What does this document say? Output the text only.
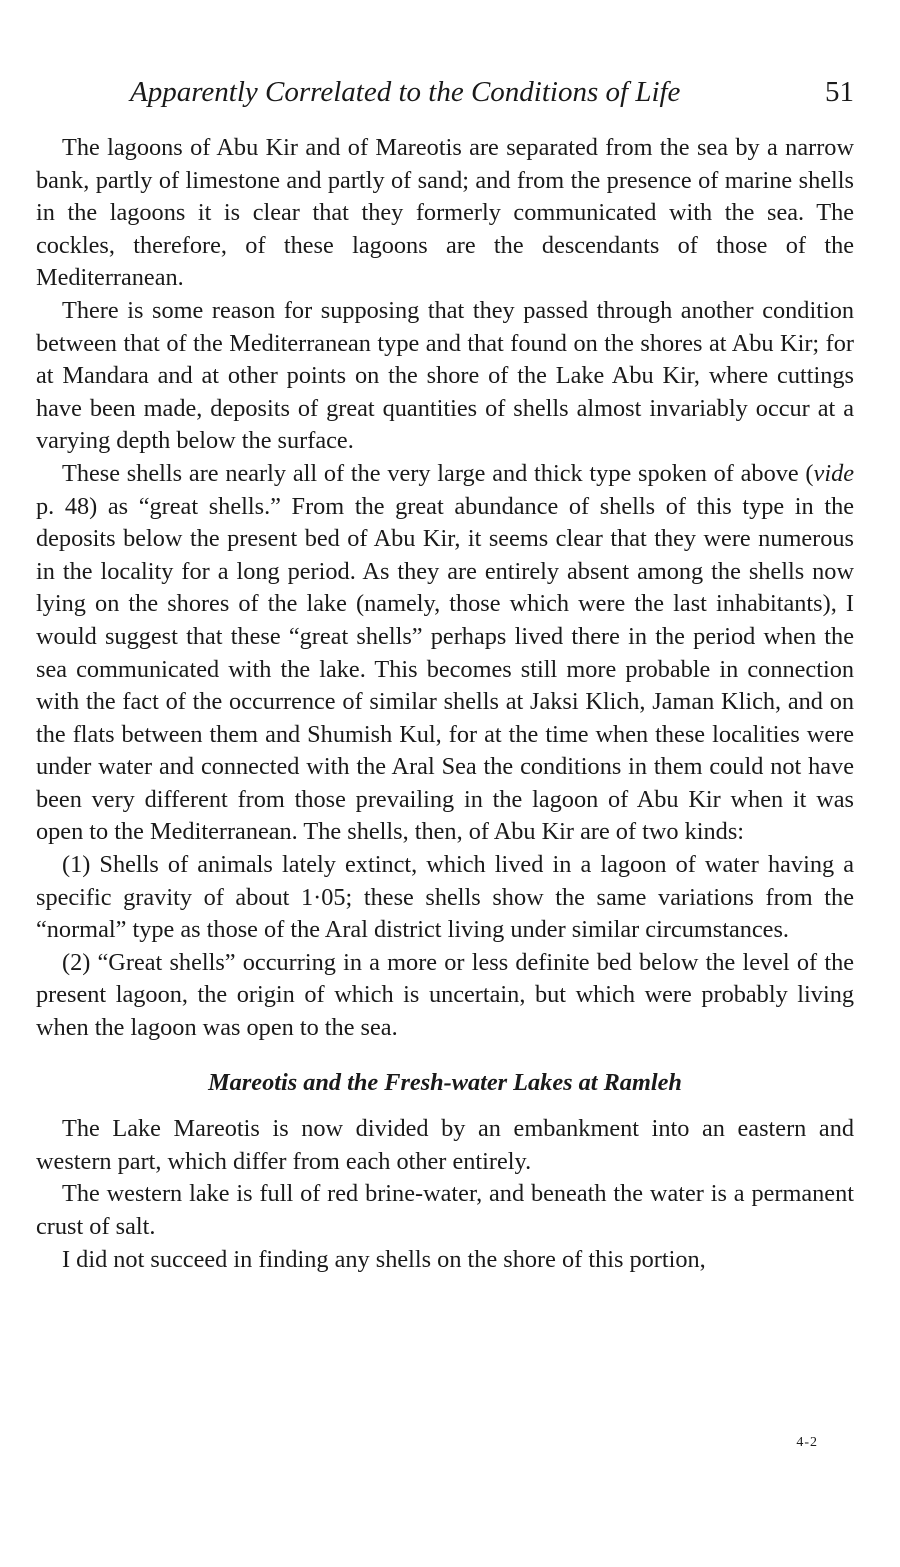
Apparently Correlated to the Conditions of Life	51

The lagoons of Abu Kir and of Mareotis are separated from the sea by a narrow bank, partly of limestone and partly of sand; and from the presence of marine shells in the lagoons it is clear that they formerly communicated with the sea. The cockles, therefore, of these lagoons are the descendants of those of the Mediterranean.

There is some reason for supposing that they passed through another condition between that of the Mediterranean type and that found on the shores at Abu Kir; for at Mandara and at other points on the shore of the Lake Abu Kir, where cuttings have been made, deposits of great quantities of shells almost invariably occur at a varying depth below the surface.

These shells are nearly all of the very large and thick type spoken of above (vide p. 48) as “great shells.” From the great abundance of shells of this type in the deposits below the present bed of Abu Kir, it seems clear that they were numerous in the locality for a long period. As they are entirely absent among the shells now lying on the shores of the lake (namely, those which were the last inhabitants), I would suggest that these “great shells” perhaps lived there in the period when the sea communicated with the lake. This becomes still more probable in connection with the fact of the occurrence of similar shells at Jaksi Klich, Jaman Klich, and on the flats between them and Shumish Kul, for at the time when these localities were under water and connected with the Aral Sea the conditions in them could not have been very different from those prevailing in the lagoon of Abu Kir when it was open to the Mediterranean. The shells, then, of Abu Kir are of two kinds:

(1) Shells of animals lately extinct, which lived in a lagoon of water having a specific gravity of about 1·05; these shells show the same variations from the “normal” type as those of the Aral district living under similar circumstances.

(2) “Great shells” occurring in a more or less definite bed below the level of the present lagoon, the origin of which is uncertain, but which were probably living when the lagoon was open to the sea.

Mareotis and the Fresh-water Lakes at Ramleh

The Lake Mareotis is now divided by an embankment into an eastern and western part, which differ from each other entirely.

The western lake is full of red brine-water, and beneath the water is a permanent crust of salt.

I did not succeed in finding any shells on the shore of this portion,

4-2
